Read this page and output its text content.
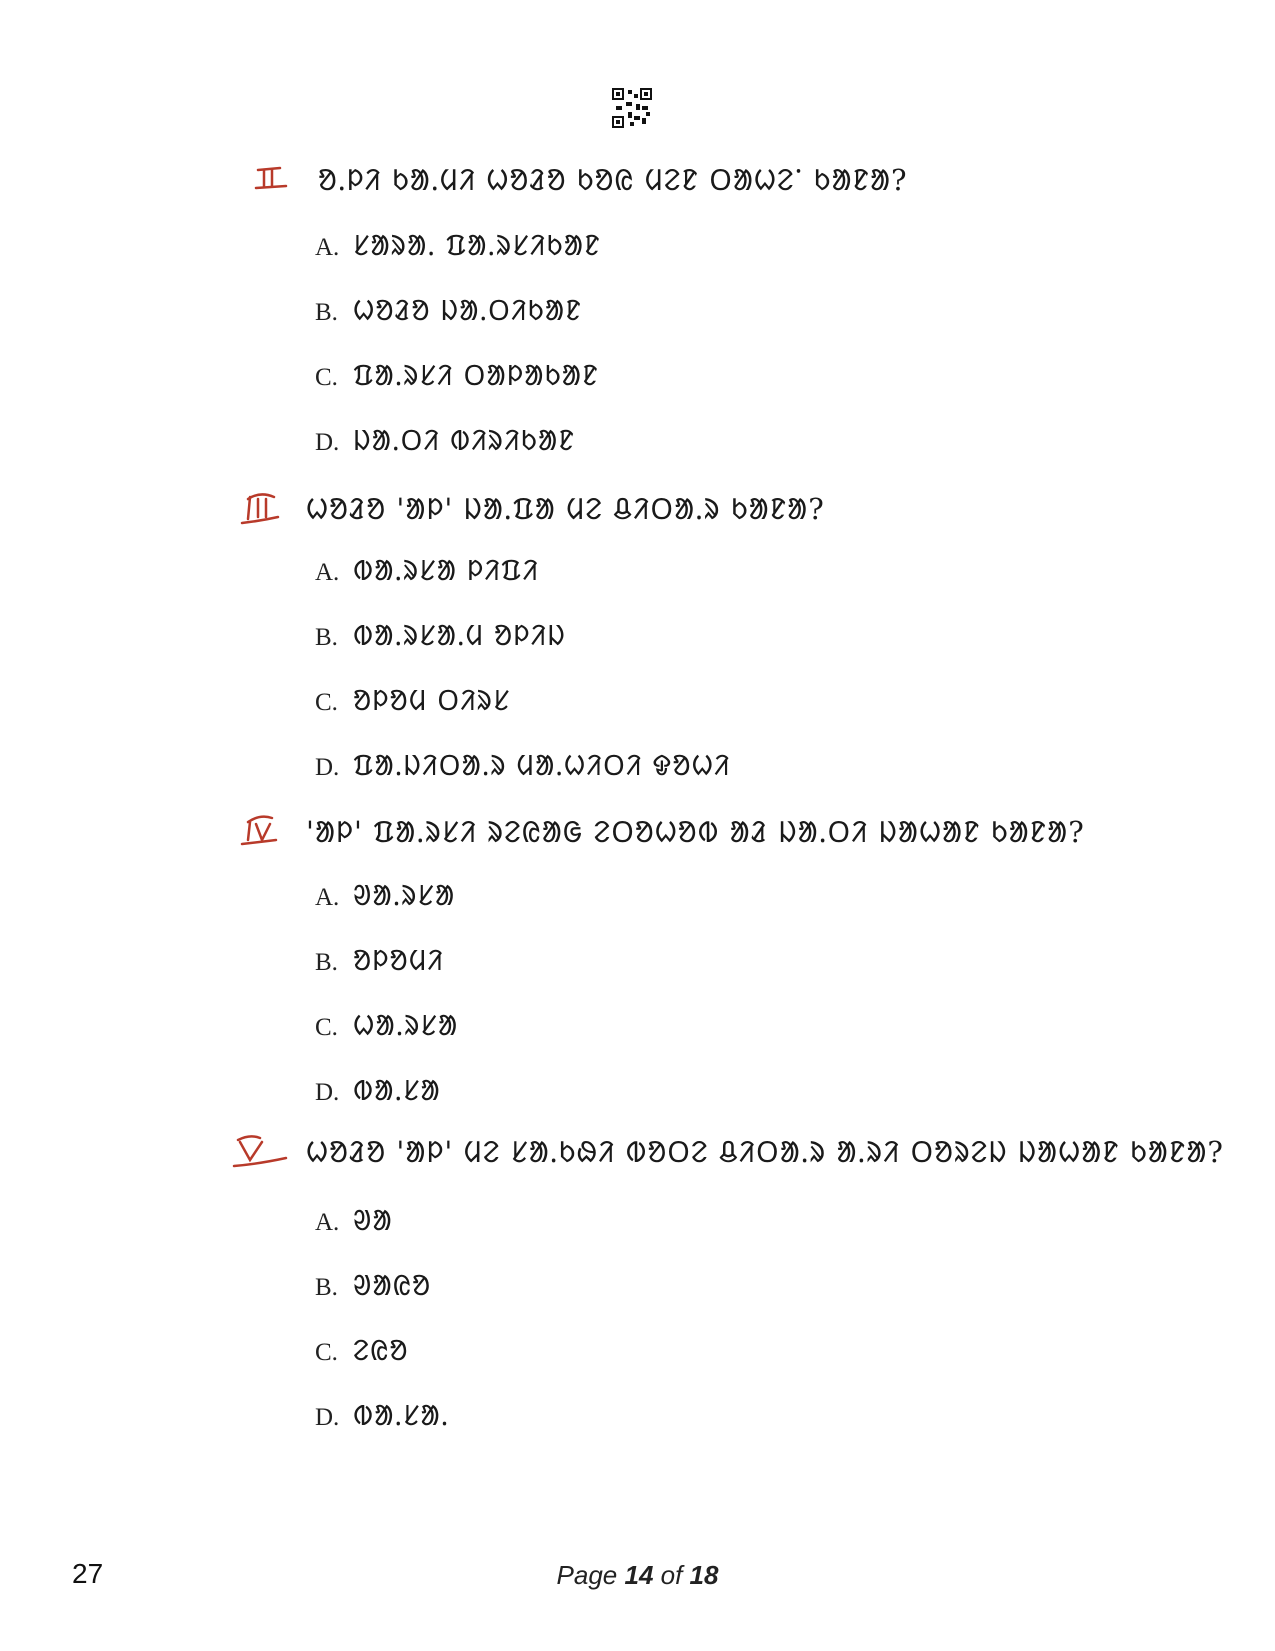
ᱚᱹᱞᱤ ᱠᱟᱹᱢᱤ ᱦᱚᱲᱚ ᱠᱚᱭ ᱢᱮᱱ ᱛᱟᱦᱮᱸ ᱠᱟᱱᱟ?
A. ᱥᱟᱨᱟᱹ ᱯᱟᱹᱨᱥᱤᱠᱟᱱ
B. ᱦᱚᱲᱚ ᱡᱟᱹᱛᱤᱠᱟᱱ
C. ᱯᱟᱹᱨᱥᱤ ᱛᱟᱞᱟᱠᱟᱱ
D. ᱡᱟᱹᱛᱤ ᱵᱤᱨᱤᱠᱟᱱ
ᱦᱚᱲᱚ 'ᱟᱞ' ᱡᱟᱹᱯᱟ ᱢᱮ ᱪᱤᱛᱟᱹᱨ ᱠᱟᱱᱟ?
A. ᱵᱟᱹᱨᱥᱟ ᱞᱤᱯᱤ
B. ᱵᱟᱹᱨᱥᱟᱹᱢ ᱚᱞᱤᱡ
C. ᱚᱞᱚᱢ ᱛᱤᱨᱥ
D. ᱯᱟᱹᱡᱤᱛᱟᱹᱨ ᱢᱟᱹᱦᱤᱛᱤ ᱫᱚᱦᱤ
'ᱟᱞ' ᱯᱟᱹᱨᱥᱤ ᱨᱮᱭᱟᱜ ᱮᱛᱚᱦᱚᱵ ᱟᱲ ᱡᱟᱹᱛᱤ ᱡᱟᱦᱟᱱ ᱠᱟᱱᱟ?
A. ᱣᱟᱹᱨᱥᱟ
B. ᱚᱞᱚᱢᱤ
C. ᱦᱟᱹᱨᱥᱟ
D. ᱵᱟᱹᱥᱟ
ᱦᱚᱲᱚ 'ᱟᱞ' ᱢᱮ ᱥᱟᱹᱠᱷᱤ ᱵᱚᱛᱮ ᱪᱤᱛᱟᱹᱨ ᱟᱹᱨᱤ ᱛᱚᱨᱮᱡ ᱡᱟᱦᱟᱱ ᱠᱟᱱᱟ?
A. ᱣᱟ
B. ᱣᱟᱭᱚ
C. ᱮᱭᱚ
D. ᱵᱟᱹᱥᱟᱹ
27	Page 14 of 18
